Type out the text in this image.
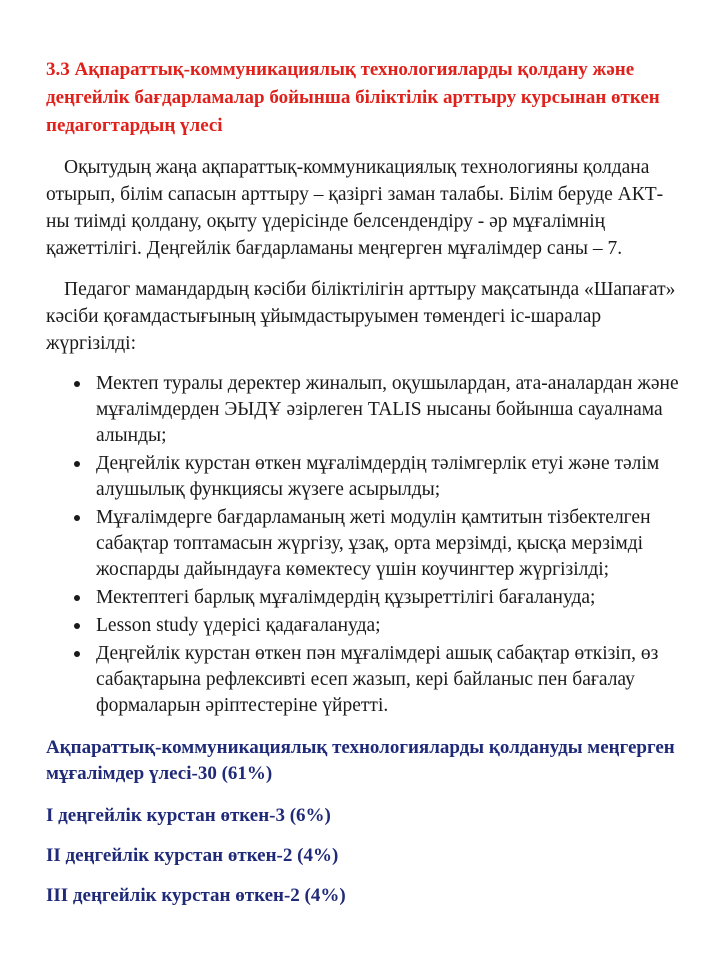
3.3 Ақпараттық-коммуникациялық технологияларды қолдану және деңгейлік бағдарламалар бойынша біліктілік арттыру курсынан өткен педагогтардың үлесі

Оқытудың жаңа ақпараттық-коммуникациялық технологияны қолдана отырып, білім сапасын арттыру – қазіргі заман талабы. Білім беруде АКТ-ны тиімді қолдану, оқыту үдерісінде белсендендіру - әр мұғалімнің қажеттілігі. Деңгейлік бағдарламаны меңгерген мұғалімдер саны – 7.

Педагог мамандардың кәсіби біліктілігін арттыру мақсатында «Шапағат» кәсіби қоғамдастығының ұйымдастыруымен төмендегі іс-шаралар жүргізілді:

Мектеп туралы деректер жиналып, оқушылардан, ата-аналардан және мұғалімдерден ЭЫДҰ әзірлеген TALIS нысаны бойынша сауалнама алынды;
Деңгейлік курстан өткен мұғалімдердің тәлімгерлік етуі және тәлім алушылық функциясы жүзеге асырылды;
Мұғалімдерге бағдарламаның жеті модулін қамтитын тізбектелген сабақтар топтамасын жүргізу, ұзақ, орта мерзімді, қысқа мерзімді жоспарды дайындауға көмектесу үшін коучингтер жүргізілді;
Мектептегі барлық мұғалімдердің құзыреттілігі бағалануда;
Lesson study үдерісі қадағалануда;
Деңгейлік курстан өткен пән мұғалімдері ашық сабақтар өткізіп, өз сабақтарына рефлексивті есеп жазып, кері байланыс пен бағалау формаларын әріптестеріне үйретті.

Ақпараттық-коммуникациялық технологияларды қолдануды меңгерген мұғалімдер үлесі-30 (61%)

І деңгейлік курстан өткен-3 (6%)

ІІ деңгейлік курстан өткен-2 (4%)

ІІІ деңгейлік курстан өткен-2 (4%)
